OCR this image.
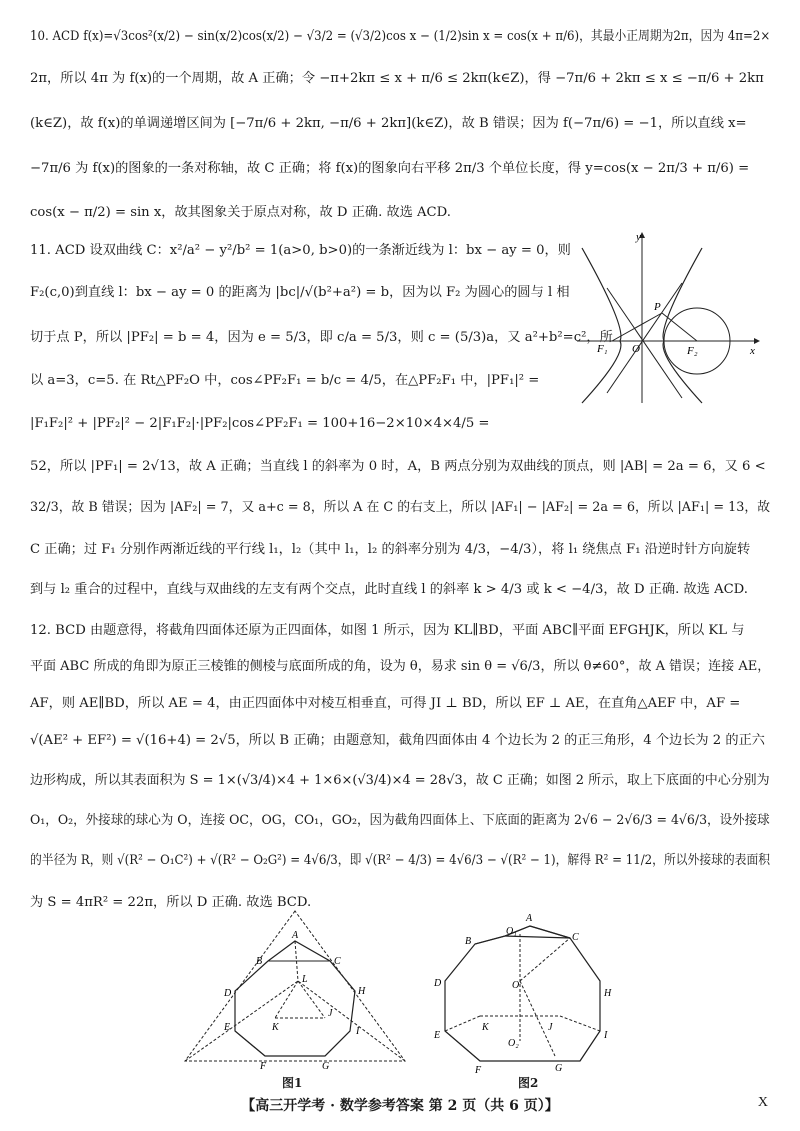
10. ACD f(x)=√3cos²(x/2) − sin(x/2)cos(x/2) − √3/2 = (√3/2)cos x − (1/2)sin x = cos(x + π/6)，其最小正周期为2π，因为 4π=2×
2π，所以 4π 为 f(x)的一个周期，故 A 正确；令 −π+2kπ ≤ x + π/6 ≤ 2kπ(k∈Z)，得 −7π/6 + 2kπ ≤ x ≤ −π/6 + 2kπ
(k∈Z)，故 f(x)的单调递增区间为 [−7π/6 + 2kπ, −π/6 + 2kπ](k∈Z)，故 B 错误；因为 f(−7π/6) = −1，所以直线 x=
−7π/6 为 f(x)的图象的一条对称轴，故 C 正确；将 f(x)的图象向右平移 2π/3 个单位长度，得 y=cos(x − 2π/3 + π/6) =
cos(x − π/2) = sin x，故其图象关于原点对称，故 D 正确. 故选 ACD.
11. ACD 设双曲线 C：x²/a² − y²/b² = 1(a>0, b>0)的一条渐近线为 l：bx − ay = 0，则
F₂(c,0)到直线 l：bx − ay = 0 的距离为 |bc|/√(b²+a²) = b，因为以 F₂ 为圆心的圆与 l 相
切于点 P，所以 |PF₂| = b = 4，因为 e = 5/3，即 c/a = 5/3，则 c = (5/3)a，又 a²+b²=c²，所
以 a=3，c=5. 在 Rt△PF₂O 中，cos∠PF₂F₁ = b/c = 4/5，在△PF₂F₁ 中，|PF₁|² =
|F₁F₂|² + |PF₂|² − 2|F₁F₂|·|PF₂|cos∠PF₂F₁ = 100+16−2×10×4×4/5 =
52，所以 |PF₁| = 2√13，故 A 正确；当直线 l 的斜率为 0 时，A，B 两点分别为双曲线的顶点，则 |AB| = 2a = 6，又 6 <
32/3，故 B 错误；因为 |AF₂| = 7，又 a+c = 8，所以 A 在 C 的右支上，所以 |AF₁| − |AF₂| = 2a = 6，所以 |AF₁| = 13，故
C 正确；过 F₁ 分别作两渐近线的平行线 l₁，l₂（其中 l₁，l₂ 的斜率分别为 4/3，−4/3），将 l₁ 绕焦点 F₁ 沿逆时针方向旋转
到与 l₂ 重合的过程中，直线与双曲线的左支有两个交点，此时直线 l 的斜率 k > 4/3 或 k < −4/3，故 D 正确. 故选 ACD.
y
x
O
F₁	F₂
P
12. BCD 由题意得，将截角四面体还原为正四面体，如图 1 所示，因为 KL∥BD，平面 ABC∥平面 EFGHJK，所以 KL 与
平面 ABC 所成的角即为原正三棱锥的侧棱与底面所成的角，设为 θ，易求 sin θ = √6/3，所以 θ≠60°，故 A 错误；连接 AE，
AF，则 AE∥BD，所以 AE = 4，由正四面体中对棱互相垂直，可得 JI ⊥ BD，所以 EF ⊥ AE，在直角△AEF 中，AF =
√(AE² + EF²) = √(16+4) = 2√5，所以 B 正确；由题意知，截角四面体由 4 个边长为 2 的正三角形，4 个边长为 2 的正六
边形构成，所以其表面积为 S = 1×(√3/4)×4 + 1×6×(√3/4)×4 = 28√3，故 C 正确；如图 2 所示，取上下底面的中心分别为
O₁，O₂，外接球的球心为 O，连接 OC，OG，CO₁，GO₂，因为截角四面体上、下底面的距离为 2√6 − 2√6/3 = 4√6/3，设外接球
的半径为 R，则 √(R² − O₁C²) + √(R² − O₂G²) = 4√6/3，即 √(R² − 4/3) = 4√6/3 − √(R² − 1)，解得 R² = 11/2，所以外接球的表面积
为 S = 4πR² = 22π，所以 D 正确. 故选 BCD.
A
B	C
D
E
F	G
H
I
J
K
L
图1
A
O₁
B	C
O
D
H
E
K	J
O₂
I
F	G
图2
【高三开学考 · 数学参考答案 第 2 页（共 6 页）】	X
